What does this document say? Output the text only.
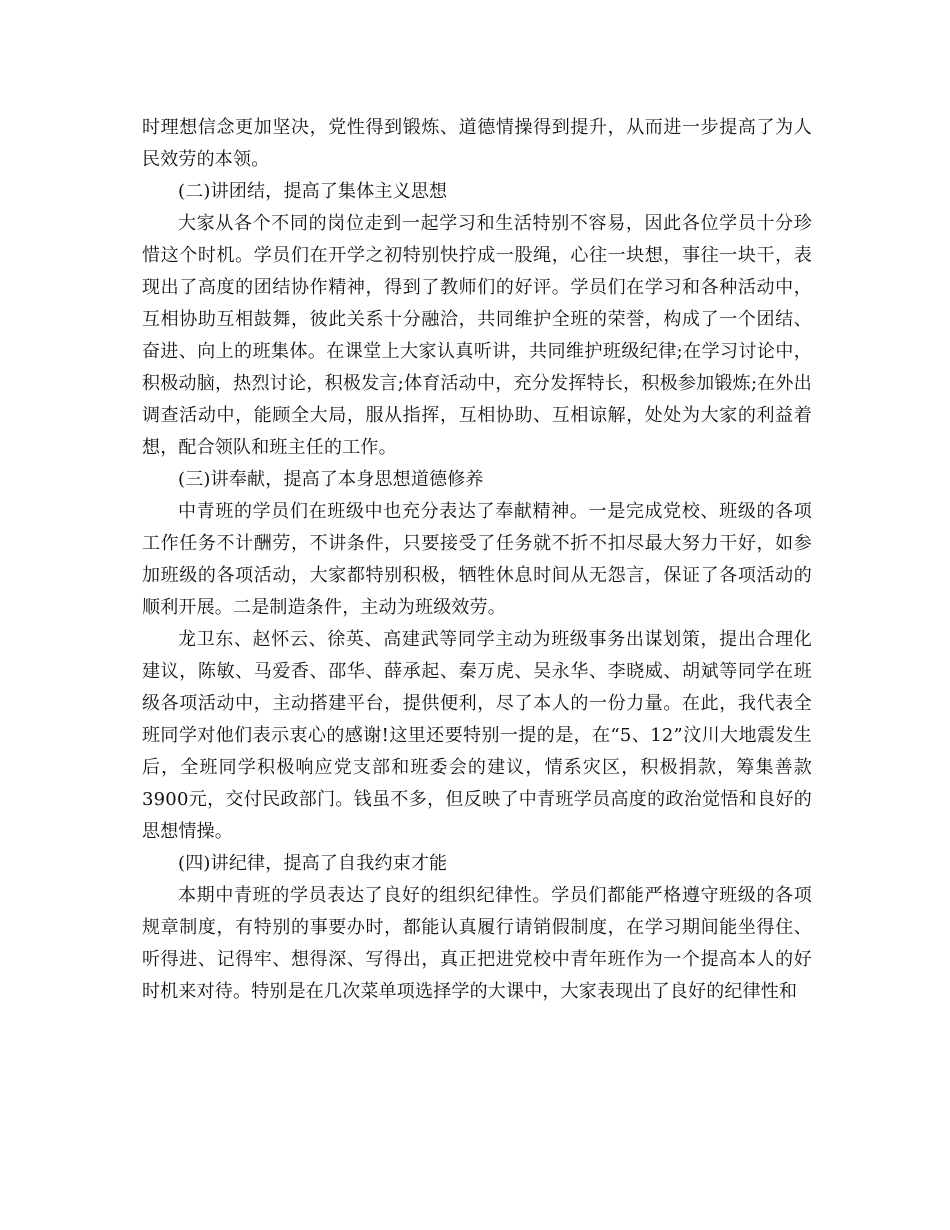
时理想信念更加坚决，党性得到锻炼、道德情操得到提升，从而进一步提高了为人民效劳的本领。

(二)讲团结，提高了集体主义思想

大家从各个不同的岗位走到一起学习和生活特别不容易，因此各位学员十分珍惜这个时机。学员们在开学之初特别快拧成一股绳，心往一块想，事往一块干，表现出了高度的团结协作精神，得到了教师们的好评。学员们在学习和各种活动中，互相协助互相鼓舞，彼此关系十分融洽，共同维护全班的荣誉，构成了一个团结、奋进、向上的班集体。在课堂上大家认真听讲，共同维护班级纪律;在学习讨论中，积极动脑，热烈讨论，积极发言;体育活动中，充分发挥特长，积极参加锻炼;在外出调查活动中，能顾全大局，服从指挥，互相协助、互相谅解，处处为大家的利益着想，配合领队和班主任的工作。

(三)讲奉献，提高了本身思想道德修养

中青班的学员们在班级中也充分表达了奉献精神。一是完成党校、班级的各项工作任务不计酬劳，不讲条件，只要接受了任务就不折不扣尽最大努力干好，如参加班级的各项活动，大家都特别积极，牺牲休息时间从无怨言，保证了各项活动的顺利开展。二是制造条件，主动为班级效劳。

龙卫东、赵怀云、徐英、高建武等同学主动为班级事务出谋划策，提出合理化建议，陈敏、马爱香、邵华、薛承起、秦万虎、吴永华、李晓威、胡斌等同学在班级各项活动中，主动搭建平台，提供便利，尽了本人的一份力量。在此，我代表全班同学对他们表示衷心的感谢!这里还要特别一提的是，在“5、12”汶川大地震发生后，全班同学积极响应党支部和班委会的建议，情系灾区，积极捐款，筹集善款3900元，交付民政部门。钱虽不多，但反映了中青班学员高度的政治觉悟和良好的思想情操。

(四)讲纪律，提高了自我约束才能

本期中青班的学员表达了良好的组织纪律性。学员们都能严格遵守班级的各项规章制度，有特别的事要办时，都能认真履行请销假制度，在学习期间能坐得住、听得进、记得牢、想得深、写得出，真正把进党校中青年班作为一个提高本人的好时机来对待。特别是在几次菜单项选择学的大课中，大家表现出了良好的纪律性和
